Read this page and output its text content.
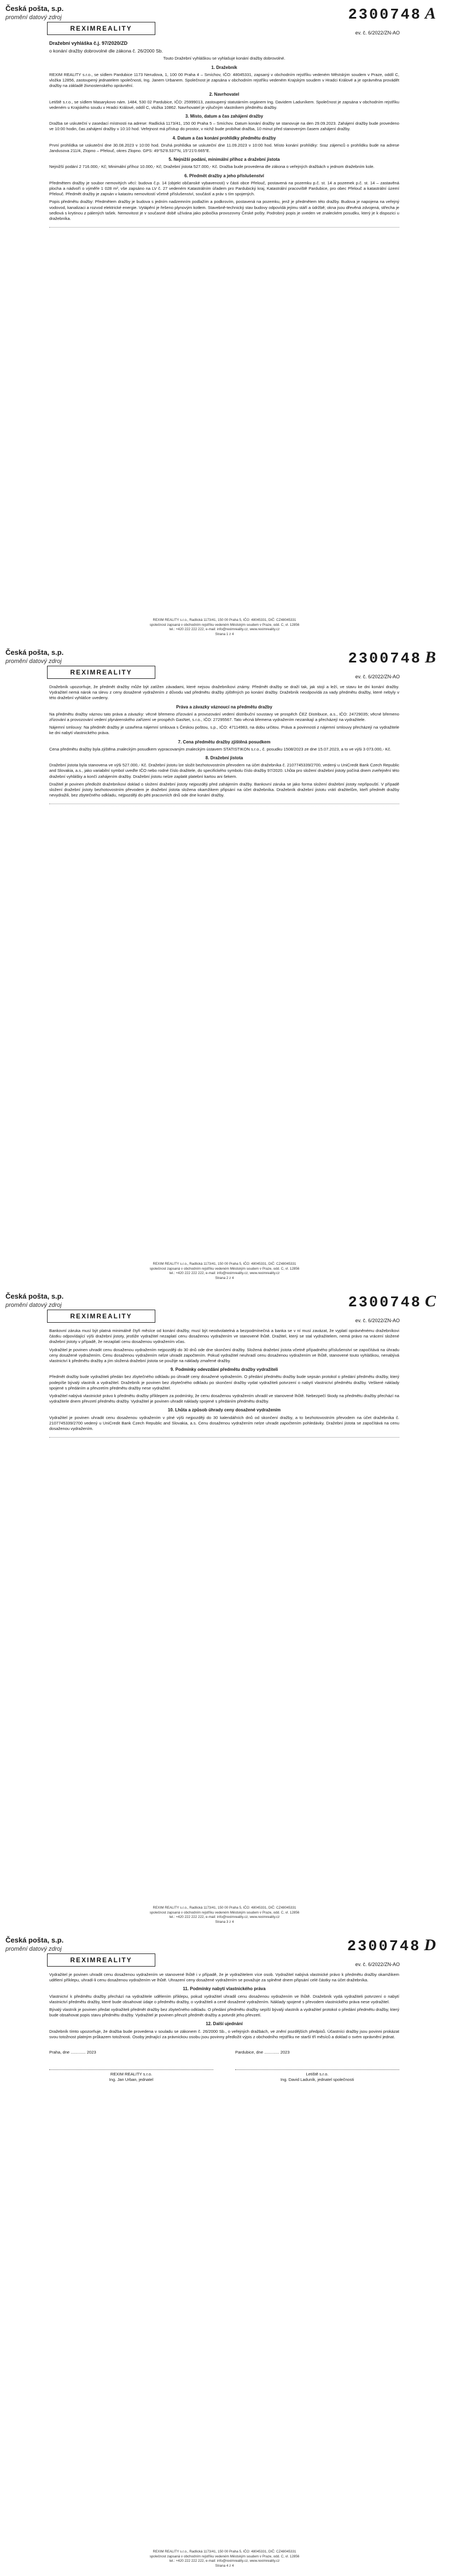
Česká pošta, s.p.
promění datový zdroj	2300748 A
REXIMREALITY
ev. č. 6/2022/ZN-AO

Dražební vyhláška č.j. 97/2020/ZD

o konání dražby dobrovolné dle zákona č. 26/2000 Sb.

Touto Dražební vyhláškou se vyhlašuje konání dražby dobrovolné.

1. Dražebník

REXIM REALITY s.r.o., se sídlem Pardubice 1173 Nerudova, 1, 100 00 Praha 4 – Smíchov, IČO: 48045331, zapsaný v obchodním rejstříku vedeném Městským soudem v Praze, oddíl C, vložka 12856, zastoupený jednatelem společnosti, Ing. Janem Urbanem. Společnost je zapsána v obchodním rejstříku vedeném Krajským soudem v Hradci Králové a je oprávněna provádět dražby na základě živnostenského oprávnění.

2. Navrhovatel

Letiště s.r.o., se sídlem Masarykovo nám. 1484, 530 02 Pardubice, IČO: 25999013, zastoupený statutárním orgánem Ing. Davidem Laduníkem. Společnost je zapsána v obchodním rejstříku vedeném u Krajského soudu v Hradci Králové, oddíl C, vložka 10862. Navrhovatel je výlučným vlastníkem předmětu dražby.

3. Místo, datum a čas zahájení dražby

Dražba se uskuteční v zasedací místnosti na adrese: Radlická 1173/41, 150 00 Praha 5 – Smíchov. Datum konání dražby se stanovuje na den 29.09.2023. Zahájení dražby bude provedeno ve 10:00 hodin, čas zahájení dražby v 10:10 hod. Veřejnost má přístup do prostor, v nichž bude probíhat dražba, 10 minut před stanoveným časem zahájení dražby.

4. Datum a čas konání prohlídky předmětu dražby

První prohlídka se uskuteční dne 30.08.2023 v 10:00 hod. Druhá prohlídka se uskuteční dne 11.09.2023 v 10:00 hod. Místo konání prohlídky: Sraz zájemců o prohlídku bude na adrese Jandusova 211/4, Zlopno – Přelouč, okres Zlopno. GPS: 49°52'8.537"N, 15°21'0.665"E.

5. Nejnižší podání, minimální příhoz a dražební jistota

Nejnižší podání 2 716.000,- Kč; Minimální příhoz 10.000,- Kč; Dražební jistota 527.000,- Kč. Dražba bude provedena dle zákona o veřejných dražbách v jednom dražebním kole.

6. Předmět dražby a jeho příslušenství

Předmětem dražby je soubor nemovitých věcí: budova č.p. 14 (objekt občanské vybavenosti) v části obce Přelouč, postavená na pozemku p.č. st. 14 a pozemek p.č. st. 14 – zastavěná plocha a nádvoří o výměře 1 028 m², vše zapsáno na LV č. 27 vedeném Katastrálním úřadem pro Pardubický kraj, Katastrální pracoviště Pardubice, pro obec Přelouč a katastrální území Přelouč. Předmět dražby je zapsán v katastru nemovitostí včetně příslušenství, součástí a práv s tím spojených.

Popis předmětu dražby: Předmětem dražby je budova s jedním nadzemním podlažím a podkrovím, postavená na pozemku, jenž je předmětem této dražby. Budova je napojena na veřejný vodovod, kanalizaci a rozvod elektrické energie. Vytápění je řešeno plynovým kotlem. Stavebně-technický stav budovy odpovídá jejímu stáří a údržbě; okna jsou dřevěná zdvojená, střecha je sedlová s krytinou z pálených tašek. Nemovitost je v současné době užívána jako pobočka provozovny České pošty. Podrobný popis je uveden ve znaleckém posudku, který je k dispozici u dražebníka.

REXIM REALITY s.r.o., Radlická 1173/41, 150 00 Praha 5, IČO: 48045331, DIČ: CZ48045331
společnost zapsaná v obchodním rejstříku vedeném Městským soudem v Praze, odd. C, vl. 12856
tel.: +420 222 222 222, e-mail: info@reximreality.cz, www.reximreality.cz
Strana 1 z 4
Česká pošta, s.p.
promění datový zdroj	2300748 B
REXIMREALITY
ev. č. 6/2022/ZN-AO

Dražebník upozorňuje, že předmět dražby může být zatížen závadami, které nejsou dražebníkovi známy. Předmět dražby se draží tak, jak stojí a leží, ve stavu ke dni konání dražby. Vydražitel nemá nárok na slevu z ceny dosažené vydražením z důvodu vad předmětu dražby zjištěných po konání dražby. Dražebník neodpovídá za vady předmětu dražby, které nebyly v této dražební vyhlášce uvedeny.

Práva a závazky váznoucí na předmětu dražby

Na předmětu dražby váznou tato práva a závazky: věcné břemeno zřizování a provozování vedení distribuční soustavy ve prospěch ČEZ Distribuce, a.s., IČO: 24729035; věcné břemeno zřizování a provozování vedení plynárenského zařízení ve prospěch GasNet, s.r.o., IČO: 27295567. Tato věcná břemena vydražením nezanikají a přecházejí na vydražitele.

Nájemní smlouvy: Na předmět dražby je uzavřena nájemní smlouva s Českou poštou, s.p., IČO: 47114983, na dobu určitou. Práva a povinnosti z nájemní smlouvy přecházejí na vydražitele ke dni nabytí vlastnického práva.

7. Cena předmětu dražby zjištěná posudkem

Cena předmětu dražby byla zjištěna znaleckým posudkem vypracovaným znaleckým ústavem STATISTIKON s.r.o., č. posudku 1508/2023 ze dne 15.07.2023, a to ve výši 3 073.000,- Kč.

8. Dražební jistota

Dražební jistota byla stanovena ve výši 527.000,- Kč. Dražební jistotu lze složit bezhotovostním převodem na účet dražebníka č. 2107745339/2700, vedený u UniCredit Bank Czech Republic and Slovakia, a.s., jako variabilní symbol uveďte IČO nebo rodné číslo dražitele, do specifického symbolu číslo dražby 97/2020. Lhůta pro složení dražební jistoty počíná dnem zveřejnění této dražební vyhlášky a končí zahájením dražby. Dražební jistotu nelze zaplatit platební kartou ani šekem.

Dražitel je povinen předložit dražebníkovi doklad o složení dražební jistoty nejpozději před zahájením dražby. Bankovní záruka se jako forma složení dražební jistoty nepřipouští. V případě složení dražební jistoty bezhotovostním převodem je dražební jistota složena okamžikem připsání na účet dražebníka. Dražebník dražební jistotu vrátí dražitelům, kteří předmět dražby nevydražili, bez zbytečného odkladu, nejpozději do pěti pracovních dnů ode dne konání dražby.

REXIM REALITY s.r.o., Radlická 1173/41, 150 00 Praha 5, IČO: 48045331, DIČ: CZ48045331
společnost zapsaná v obchodním rejstříku vedeném Městským soudem v Praze, odd. C, vl. 12856
tel.: +420 222 222 222, e-mail: info@reximreality.cz, www.reximreality.cz
Strana 2 z 4
Česká pošta, s.p.
promění datový zdroj	2300748 C
REXIMREALITY
ev. č. 6/2022/ZN-AO

Bankovní záruka musí být platná minimálně čtyři měsíce od konání dražby, musí být neodvolatelná a bezpodmínečná a banka se v ní musí zavázat, že vyplatí oprávněnému dražebníkovi částku odpovídající výši dražební jistoty, jestliže vydražitel nezaplatí cenu dosaženou vydražením ve stanovené lhůtě. Dražitel, který se stal vydražitelem, nemá právo na vrácení složené dražební jistoty v případě, že nezaplatí cenu dosaženou vydražením včas.

Vydražitel je povinen uhradit cenu dosaženou vydražením nejpozději do 30 dnů ode dne skončení dražby. Složená dražební jistota včetně případného příslušenství se započítává na úhradu ceny dosažené vydražením. Cenu dosaženou vydražením nelze uhradit započtením. Pokud vydražitel neuhradí cenu dosaženou vydražením ve lhůtě, stanovené touto vyhláškou, nenabývá vlastnictví k předmětu dražby a jím složená dražební jistota se použije na náklady zmařené dražby.

9. Podmínky odevzdání předmětu dražby vydražiteli

Předmět dražby bude vydražiteli předán bez zbytečného odkladu po úhradě ceny dosažené vydražením. O předání předmětu dražby bude sepsán protokol o předání předmětu dražby, který podepíše bývalý vlastník a vydražitel. Dražebník je povinen bez zbytečného odkladu po skončení dražby vydat vydražiteli potvrzení o nabytí vlastnictví předmětu dražby. Veškeré náklady spojené s předáním a převzetím předmětu dražby nese vydražitel.

Vydražitel nabývá vlastnické právo k předmětu dražby příklepem za podmínky, že cenu dosaženou vydražením uhradil ve stanovené lhůtě. Nebezpečí škody na předmětu dražby přechází na vydražitele dnem převzetí předmětu dražby. Vydražitel je povinen uhradit náklady spojené s předáním předmětu dražby.

10. Lhůta a způsob úhrady ceny dosažené vydražením

Vydražitel je povinen uhradit cenu dosaženou vydražením v plné výši nejpozději do 30 kalendářních dnů od skončení dražby, a to bezhotovostním převodem na účet dražebníka č. 2107745339/2700 vedený u UniCredit Bank Czech Republic and Slovakia, a.s. Cenu dosaženou vydražením nelze uhradit započtením pohledávky. Dražební jistota se započítává na cenu dosaženou vydražením.

REXIM REALITY s.r.o., Radlická 1173/41, 150 00 Praha 5, IČO: 48045331, DIČ: CZ48045331
společnost zapsaná v obchodním rejstříku vedeném Městským soudem v Praze, odd. C, vl. 12856
tel.: +420 222 222 222, e-mail: info@reximreality.cz, www.reximreality.cz
Strana 3 z 4
Česká pošta, s.p.
promění datový zdroj	2300748 D
REXIMREALITY
ev. č. 6/2022/ZN-AO

Vydražitel je povinen uhradit cenu dosaženou vydražením ve stanovené lhůtě i v případě, že je vydražitelem více osob. Vydražitel nabývá vlastnické právo k předmětu dražby okamžikem udělení příklepu, uhradí-li cenu dosaženou vydražením ve lhůtě. Uhrazení ceny dosažené vydražením se považuje za splněné dnem připsání celé částky na účet dražebníka.

11. Podmínky nabytí vlastnického práva

Vlastnictví k předmětu dražby přechází na vydražitele udělením příklepu, pokud vydražitel uhradil cenu dosaženou vydražením ve lhůtě. Dražebník vydá vydražiteli potvrzení o nabytí vlastnictví předmětu dražby, které bude obsahovat údaje o předmětu dražby, o vydražiteli a ceně dosažené vydražením. Náklady spojené s převodem vlastnického práva nese vydražitel.

Bývalý vlastník je povinen předat vydražiteli předmět dražby bez zbytečného odkladu. O předání předmětu dražby sepíší bývalý vlastník a vydražitel protokol o předání předmětu dražby, který bude obsahovat popis stavu předmětu dražby. Vydražitel je povinen převzít předmět dražby a potvrdit jeho převzetí.

12. Další ujednání

Dražebník tímto upozorňuje, že dražba bude provedena v souladu se zákonem č. 26/2000 Sb., o veřejných dražbách, ve znění pozdějších předpisů. Účastníci dražby jsou povinni prokázat svou totožnost platným průkazem totožnosti. Osoby jednající za právnickou osobu jsou povinny předložit výpis z obchodního rejstříku ne starší tří měsíců a doklad o svém oprávnění jednat.

Praha, dne ............. 2023
REXIM REALITY s.r.o.
Ing. Jan Urban, jednatel
Pardubice, dne ............. 2023
Letiště s.r.o.
Ing. David Laduník, jednatel společnosti
REXIM REALITY s.r.o., Radlická 1173/41, 150 00 Praha 5, IČO: 48045331, DIČ: CZ48045331
společnost zapsaná v obchodním rejstříku vedeném Městským soudem v Praze, odd. C, vl. 12856
tel.: +420 222 222 222, e-mail: info@reximreality.cz, www.reximreality.cz
Strana 4 z 4
